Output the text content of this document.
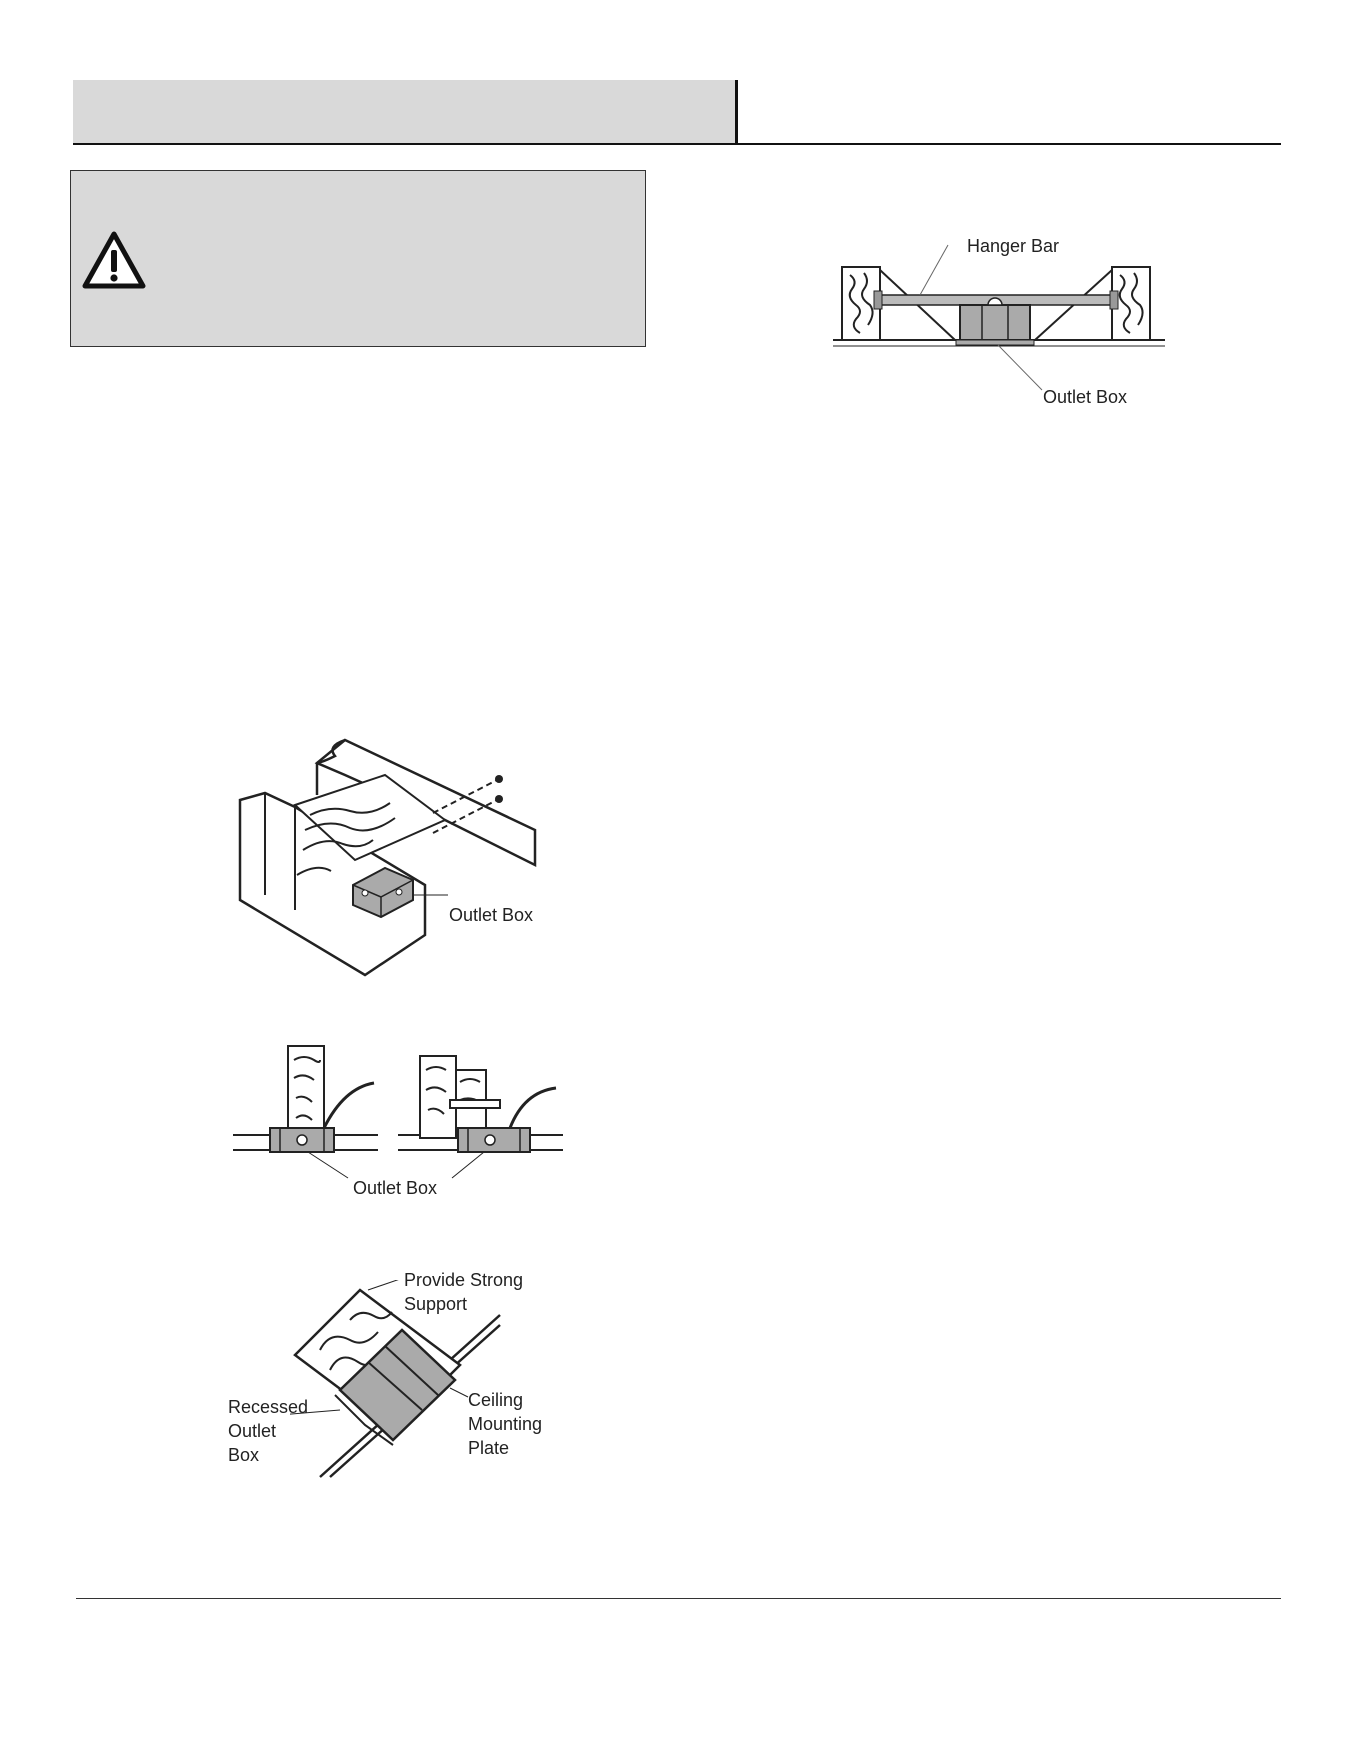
Hanger Bar
Outlet Box
Outlet Box
Outlet Box
Provide Strong
Support
Recessed
Outlet
Box
Ceiling
Mounting
Plate
